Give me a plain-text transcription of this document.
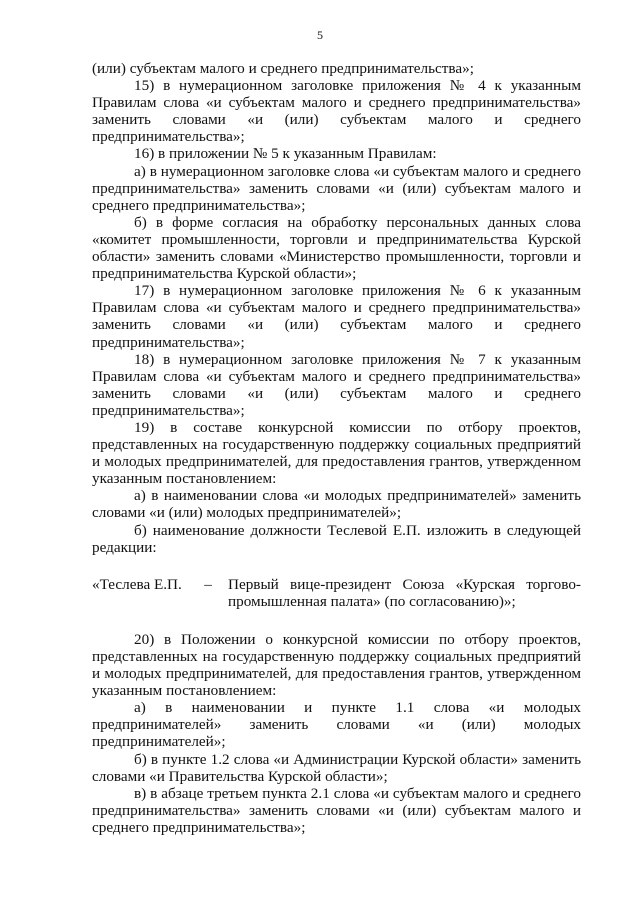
5

(или) субъектам малого и среднего предпринимательства»;

15) в нумерационном заголовке приложения № 4 к указанным Правилам слова «и субъектам малого и среднего предпринимательства» заменить словами «и (или) субъектам малого и среднего предпринимательства»;

16) в приложении № 5 к указанным Правилам:

а) в нумерационном заголовке слова «и субъектам малого и среднего предпринимательства» заменить словами «и (или) субъектам малого и среднего предпринимательства»;

б) в форме согласия на обработку персональных данных слова «комитет промышленности, торговли и предпринимательства Курской области» заменить словами «Министерство промышленности, торговли и предпринимательства Курской области»;

17) в нумерационном заголовке приложения № 6 к указанным Правилам слова «и субъектам малого и среднего предпринимательства» заменить словами «и (или) субъектам малого и среднего предпринимательства»;

18) в нумерационном заголовке приложения № 7 к указанным Правилам слова «и субъектам малого и среднего предпринимательства» заменить словами «и (или) субъектам малого и среднего предпринимательства»;

19) в составе конкурсной комиссии по отбору проектов, представленных на государственную поддержку социальных предприятий и молодых предпринимателей, для предоставления грантов, утвержденном указанным постановлением:

а) в наименовании слова «и молодых предпринимателей» заменить словами «и (или) молодых предпринимателей»;

б) наименование должности Теслевой Е.П. изложить в следующей редакции:

«Теслева Е.П.	–	Первый вице-президент Союза «Курская торгово-промышленная палата» (по согласованию)»;

20) в Положении о конкурсной комиссии по отбору проектов, представленных на государственную поддержку социальных предприятий и молодых предпринимателей, для предоставления грантов, утвержденном указанным постановлением:

а) в наименовании и пункте 1.1 слова «и молодых предпринимателей» заменить словами «и (или) молодых предпринимателей»;

б) в пункте 1.2 слова «и Администрации Курской области» заменить словами «и Правительства Курской области»;

в) в абзаце третьем пункта 2.1 слова «и субъектам малого и среднего предпринимательства» заменить словами «и (или) субъектам малого и среднего предпринимательства»;
